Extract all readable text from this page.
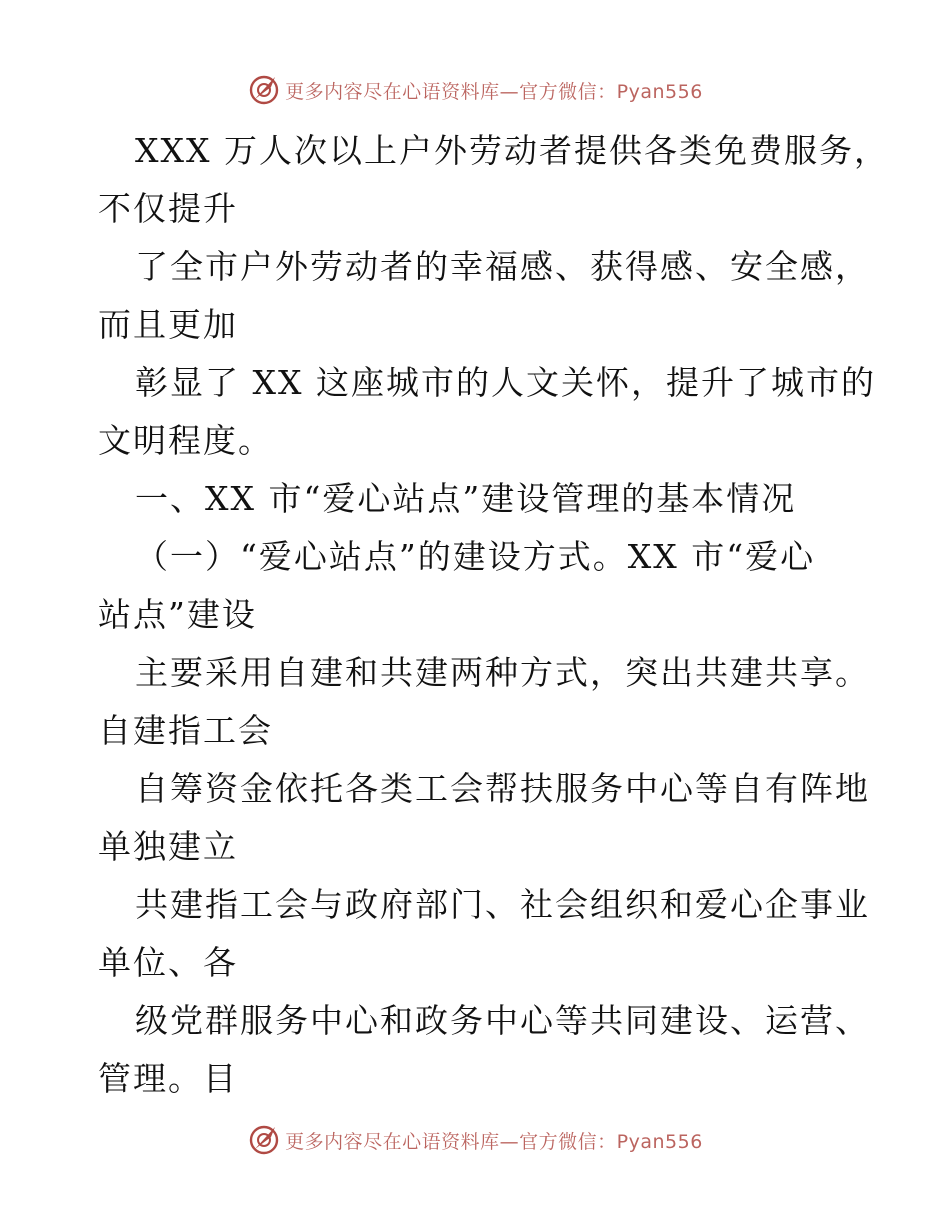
更多内容尽在心语资料库—官方微信：Pyan556
XXX 万人次以上户外劳动者提供各类免费服务，
不仅提升
了全市户外劳动者的幸福感、获得感、安全感，
而且更加
彰显了 XX 这座城市的人文关怀，提升了城市的
文明程度。
一、XX 市“爱心站点”建设管理的基本情况
（一）“爱心站点”的建设方式。XX 市“爱心
站点”建设
主要采用自建和共建两种方式，突出共建共享。
自建指工会
自筹资金依托各类工会帮扶服务中心等自有阵地
单独建立
共建指工会与政府部门、社会组织和爱心企事业
单位、各
级党群服务中心和政务中心等共同建设、运营、
管理。目
更多内容尽在心语资料库—官方微信：Pyan556
